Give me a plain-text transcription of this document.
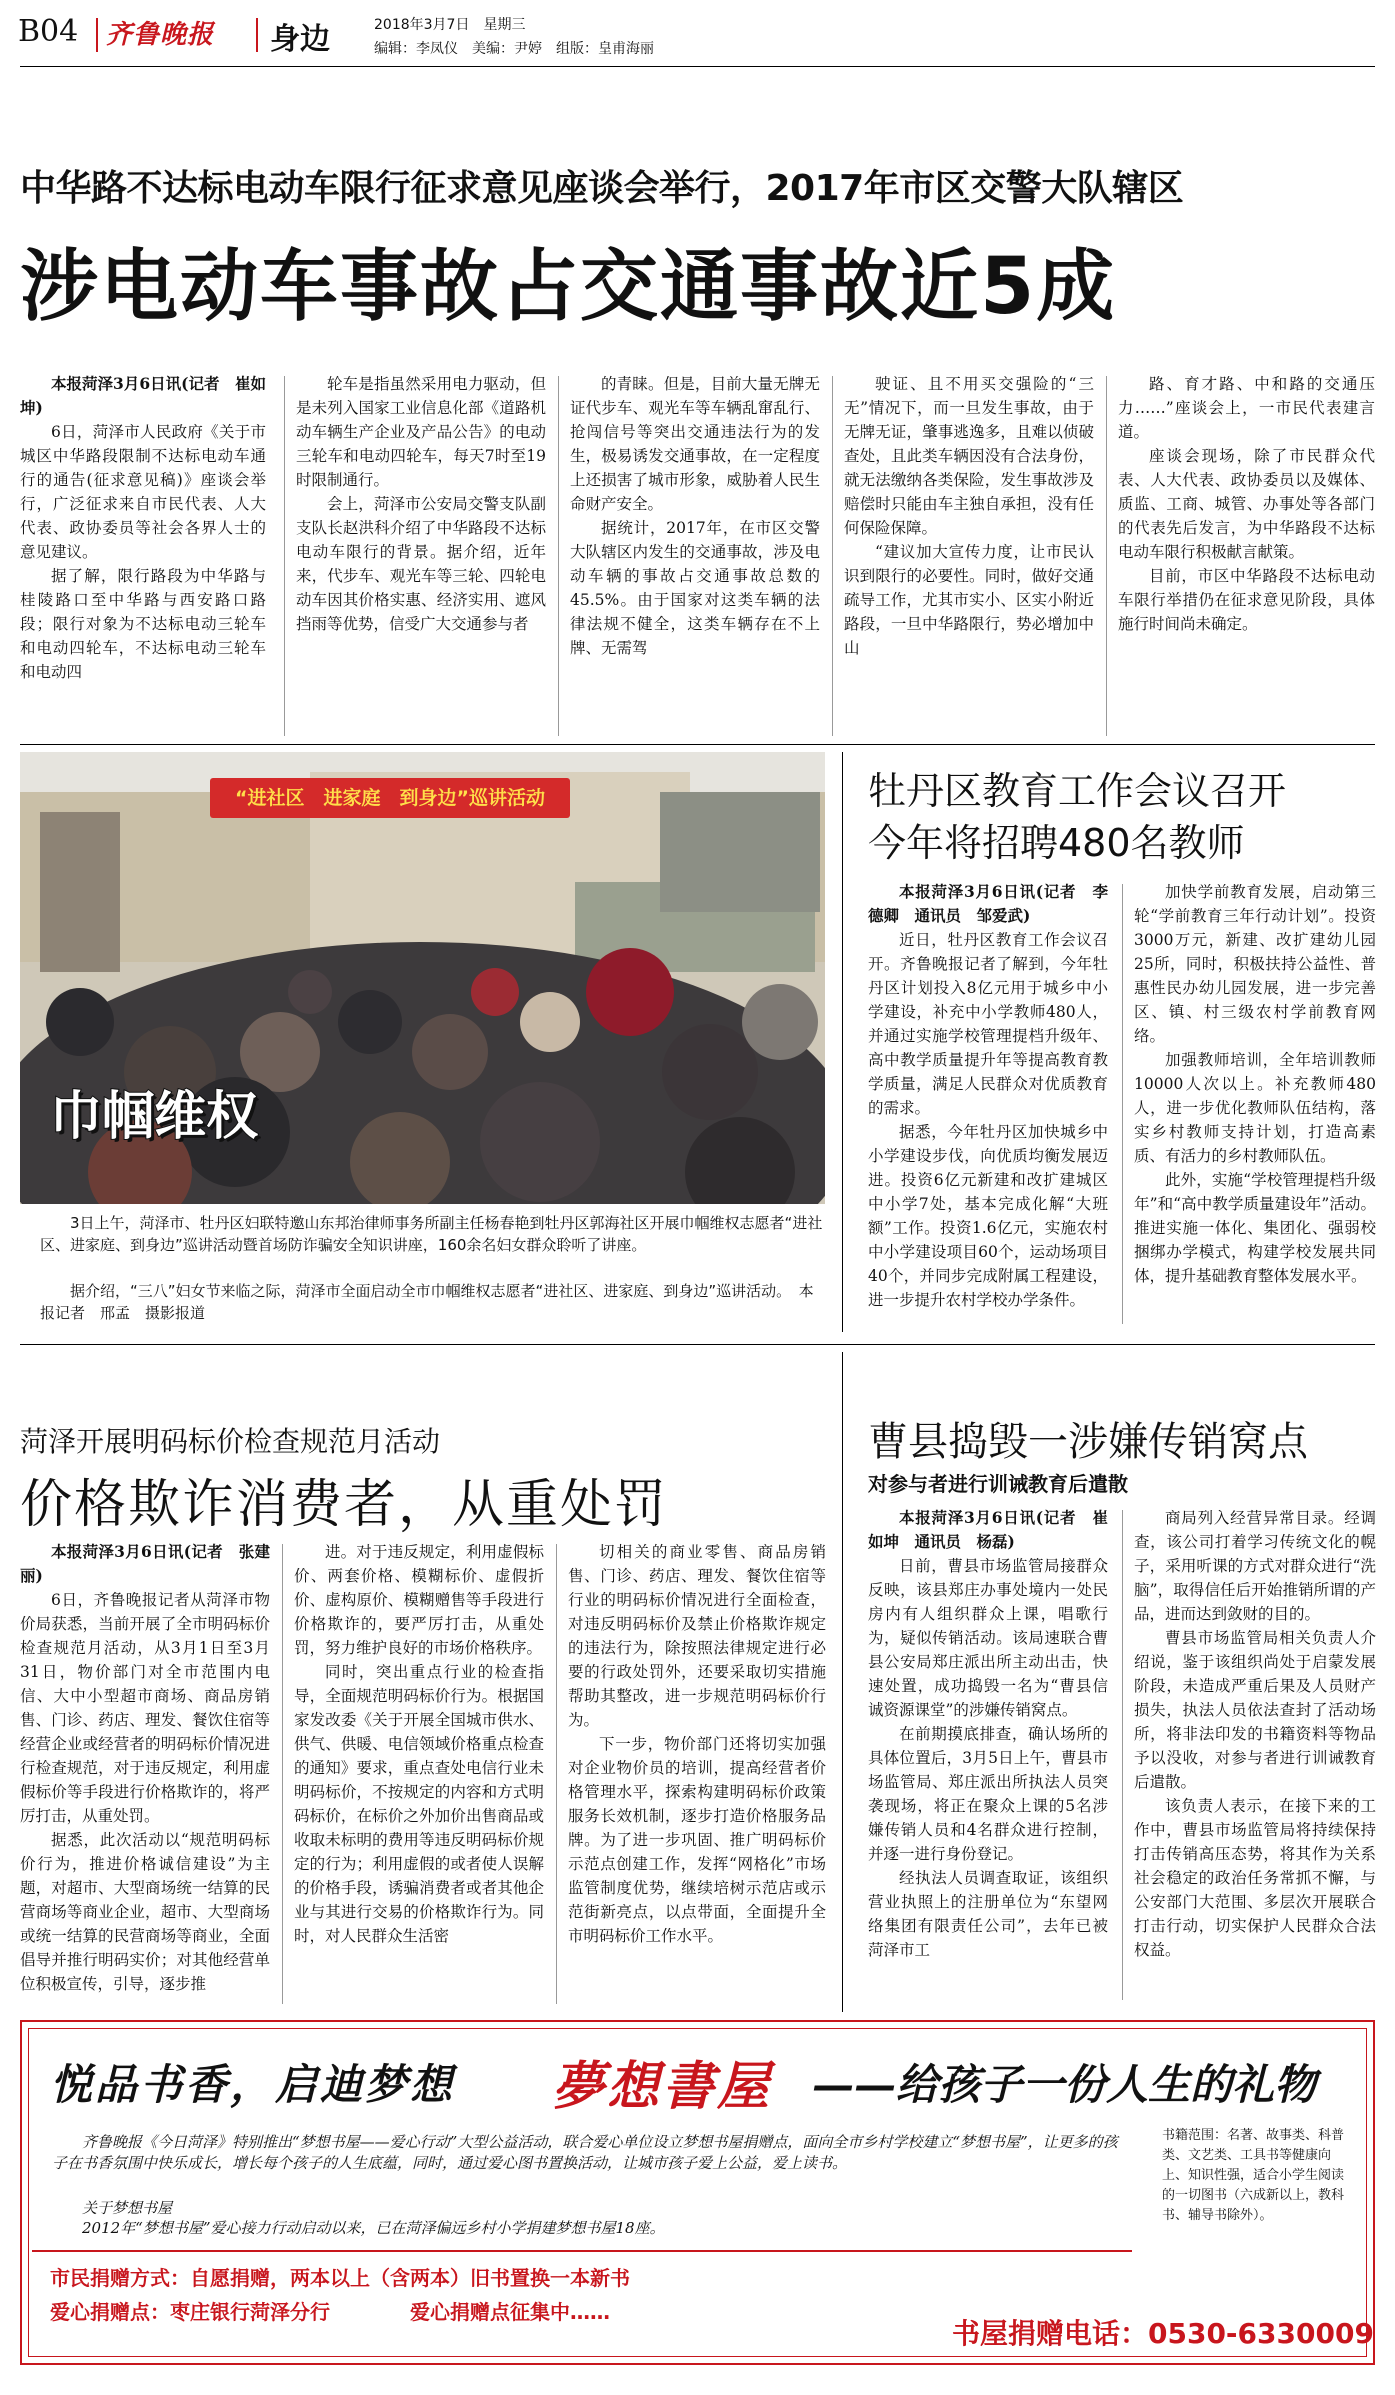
B04 齐鲁晚报 身边	2018年3月7日　星期三
编辑：李凤仪　美编：尹婷　组版：皇甫海丽
中华路不达标电动车限行征求意见座谈会举行，2017年市区交警大队辖区
涉电动车事故占交通事故近5成
本报菏泽3月6日讯(记者　崔如坤)

6日，菏泽市人民政府《关于市城区中华路段限制不达标电动车通行的通告(征求意见稿)》座谈会举行，广泛征求来自市民代表、人大代表、政协委员等社会各界人士的意见建议。

据了解，限行路段为中华路与桂陵路口至中华路与西安路口路段；限行对象为不达标电动三轮车和电动四轮车，不达标电动三轮车和电动四

轮车是指虽然采用电力驱动，但是未列入国家工业信息化部《道路机动车辆生产企业及产品公告》的电动三轮车和电动四轮车，每天7时至19时限制通行。

会上，菏泽市公安局交警支队副支队长赵洪科介绍了中华路段不达标电动车限行的背景。据介绍，近年来，代步车、观光车等三轮、四轮电动车因其价格实惠、经济实用、遮风挡雨等优势，信受广大交通参与者

的青睐。但是，目前大量无牌无证代步车、观光车等车辆乱窜乱行、抢闯信号等突出交通违法行为的发生，极易诱发交通事故，在一定程度上还损害了城市形象，威胁着人民生命财产安全。

据统计，2017年，在市区交警大队辖区内发生的交通事故，涉及电动车辆的事故占交通事故总数的45.5%。由于国家对这类车辆的法律法规不健全，这类车辆存在不上牌、无需驾

驶证、且不用买交强险的“三无”情况下，而一旦发生事故，由于无牌无证，肇事逃逸多，且难以侦破查处，且此类车辆因没有合法身份，就无法缴纳各类保险，发生事故涉及赔偿时只能由车主独自承担，没有任何保险保障。

“建议加大宣传力度，让市民认识到限行的必要性。同时，做好交通疏导工作，尤其市实小、区实小附近路段，一旦中华路限行，势必增加中山

路、育才路、中和路的交通压力……”座谈会上，一市民代表建言道。

座谈会现场，除了市民群众代表、人大代表、政协委员以及媒体、质监、工商、城管、办事处等各部门的代表先后发言，为中华路段不达标电动车限行积极献言献策。

目前，市区中华路段不达标电动车限行举措仍在征求意见阶段，具体施行时间尚未确定。

“进社区　进家庭　到身边”巡讲活动
巾帼维权
3日上午，菏泽市、牡丹区妇联特邀山东邦治律师事务所副主任杨春艳到牡丹区郭海社区开展巾帼维权志愿者“进社区、进家庭、到身边”巡讲活动暨首场防诈骗安全知识讲座，160余名妇女群众聆听了讲座。
据介绍，“三八”妇女节来临之际，菏泽市全面启动全市巾帼维权志愿者“进社区、进家庭、到身边”巡讲活动。　本报记者　邢孟　摄影报道
牡丹区教育工作会议召开
今年将招聘480名教师
本报菏泽3月6日讯(记者　李德卿　通讯员　邹爱武)

近日，牡丹区教育工作会议召开。齐鲁晚报记者了解到，今年牡丹区计划投入8亿元用于城乡中小学建设，补充中小学教师480人，并通过实施学校管理提档升级年、高中教学质量提升年等提高教育教学质量，满足人民群众对优质教育的需求。

据悉，今年牡丹区加快城乡中小学建设步伐，向优质均衡发展迈进。投资6亿元新建和改扩建城区中小学7处，基本完成化解“大班额”工作。投资1.6亿元，实施农村中小学建设项目60个，运动场项目40个，并同步完成附属工程建设，进一步提升农村学校办学条件。

加快学前教育发展，启动第三轮“学前教育三年行动计划”。投资3000万元，新建、改扩建幼儿园25所，同时，积极扶持公益性、普惠性民办幼儿园发展，进一步完善区、镇、村三级农村学前教育网络。

加强教师培训，全年培训教师10000人次以上。补充教师480人，进一步优化教师队伍结构，落实乡村教师支持计划，打造高素质、有活力的乡村教师队伍。

此外，实施“学校管理提档升级年”和“高中教学质量建设年”活动。推进实施一体化、集团化、强弱校捆绑办学模式，构建学校发展共同体，提升基础教育整体发展水平。

菏泽开展明码标价检查规范月活动
价格欺诈消费者，从重处罚
本报菏泽3月6日讯(记者　张建丽)

6日，齐鲁晚报记者从菏泽市物价局获悉，当前开展了全市明码标价检查规范月活动，从3月1日至3月31日，物价部门对全市范围内电信、大中小型超市商场、商品房销售、门诊、药店、理发、餐饮住宿等经营企业或经营者的明码标价情况进行检查规范，对于违反规定，利用虚假标价等手段进行价格欺诈的，将严厉打击，从重处罚。

据悉，此次活动以“规范明码标价行为，推进价格诚信建设”为主题，对超市、大型商场统一结算的民营商场等商业企业，超市、大型商场或统一结算的民营商场等商业，全面倡导并推行明码实价；对其他经营单位积极宣传，引导，逐步推

进。对于违反规定，利用虚假标价、两套价格、模糊标价、虚假折价、虚构原价、模糊赠售等手段进行价格欺诈的，要严厉打击，从重处罚，努力维护良好的市场价格秩序。

同时，突出重点行业的检查指导，全面规范明码标价行为。根据国家发改委《关于开展全国城市供水、供气、供暖、电信领域价格重点检查的通知》要求，重点查处电信行业未明码标价，不按规定的内容和方式明码标价，在标价之外加价出售商品或收取未标明的费用等违反明码标价规定的行为；利用虚假的或者使人误解的价格手段，诱骗消费者或者其他企业与其进行交易的价格欺诈行为。同时，对人民群众生活密

切相关的商业零售、商品房销售、门诊、药店、理发、餐饮住宿等行业的明码标价情况进行全面检查，对违反明码标价及禁止价格欺诈规定的违法行为，除按照法律规定进行必要的行政处罚外，还要采取切实措施帮助其整改，进一步规范明码标价行为。

下一步，物价部门还将切实加强对企业物价员的培训，提高经营者价格管理水平，探索构建明码标价政策服务长效机制，逐步打造价格服务品牌。为了进一步巩固、推广明码标价示范点创建工作，发挥“网格化”市场监管制度优势，继续培树示范店或示范街新亮点，以点带面，全面提升全市明码标价工作水平。

曹县捣毁一涉嫌传销窝点
对参与者进行训诫教育后遣散
本报菏泽3月6日讯(记者　崔如坤　通讯员　杨磊)

日前，曹县市场监管局接群众反映，该县郑庄办事处境内一处民房内有人组织群众上课，唱歌行为，疑似传销活动。该局速联合曹县公安局郑庄派出所主动出击，快速处置，成功捣毁一名为“曹县信诚资源课堂”的涉嫌传销窝点。

在前期摸底排查，确认场所的具体位置后，3月5日上午，曹县市场监管局、郑庄派出所执法人员突袭现场，将正在聚众上课的5名涉嫌传销人员和4名群众进行控制，并逐一进行身份登记。

经执法人员调查取证，该组织营业执照上的注册单位为“东望网络集团有限责任公司”，去年已被菏泽市工

商局列入经营异常目录。经调查，该公司打着学习传统文化的幌子，采用听课的方式对群众进行“洗脑”，取得信任后开始推销所谓的产品，进而达到敛财的目的。

曹县市场监管局相关负责人介绍说，鉴于该组织尚处于启蒙发展阶段，未造成严重后果及人员财产损失，执法人员依法查封了活动场所，将非法印发的书籍资料等物品予以没收，对参与者进行训诫教育后遣散。

该负责人表示，在接下来的工作中，曹县市场监管局将持续保持打击传销高压态势，将其作为关系社会稳定的政治任务常抓不懈，与公安部门大范围、多层次开展联合打击行动，切实保护人民群众合法权益。

悦品书香，启迪梦想 夢想書屋 ——给孩子一份人生的礼物
齐鲁晚报《今日菏泽》特别推出“梦想书屋——爱心行动”大型公益活动，联合爱心单位设立梦想书屋捐赠点，面向全市乡村学校建立“梦想书屋”，让更多的孩子在书香氛围中快乐成长，增长每个孩子的人生底蕴，同时，通过爱心图书置换活动，让城市孩子爱上公益，爱上读书。
关于梦想书屋
2012年“梦想书屋”爱心接力行动启动以来，已在菏泽偏远乡村小学捐建梦想书屋18座。
书籍范围：名著、故事类、科普类、文艺类、工具书等健康向上、知识性强，适合小学生阅读的一切图书（六成新以上，教科书、辅导书除外）。
市民捐赠方式：自愿捐赠，两本以上（含两本）旧书置换一本新书
爱心捐赠点：枣庄银行菏泽分行　　　　爱心捐赠点征集中……
书屋捐赠电话：0530-6330009
